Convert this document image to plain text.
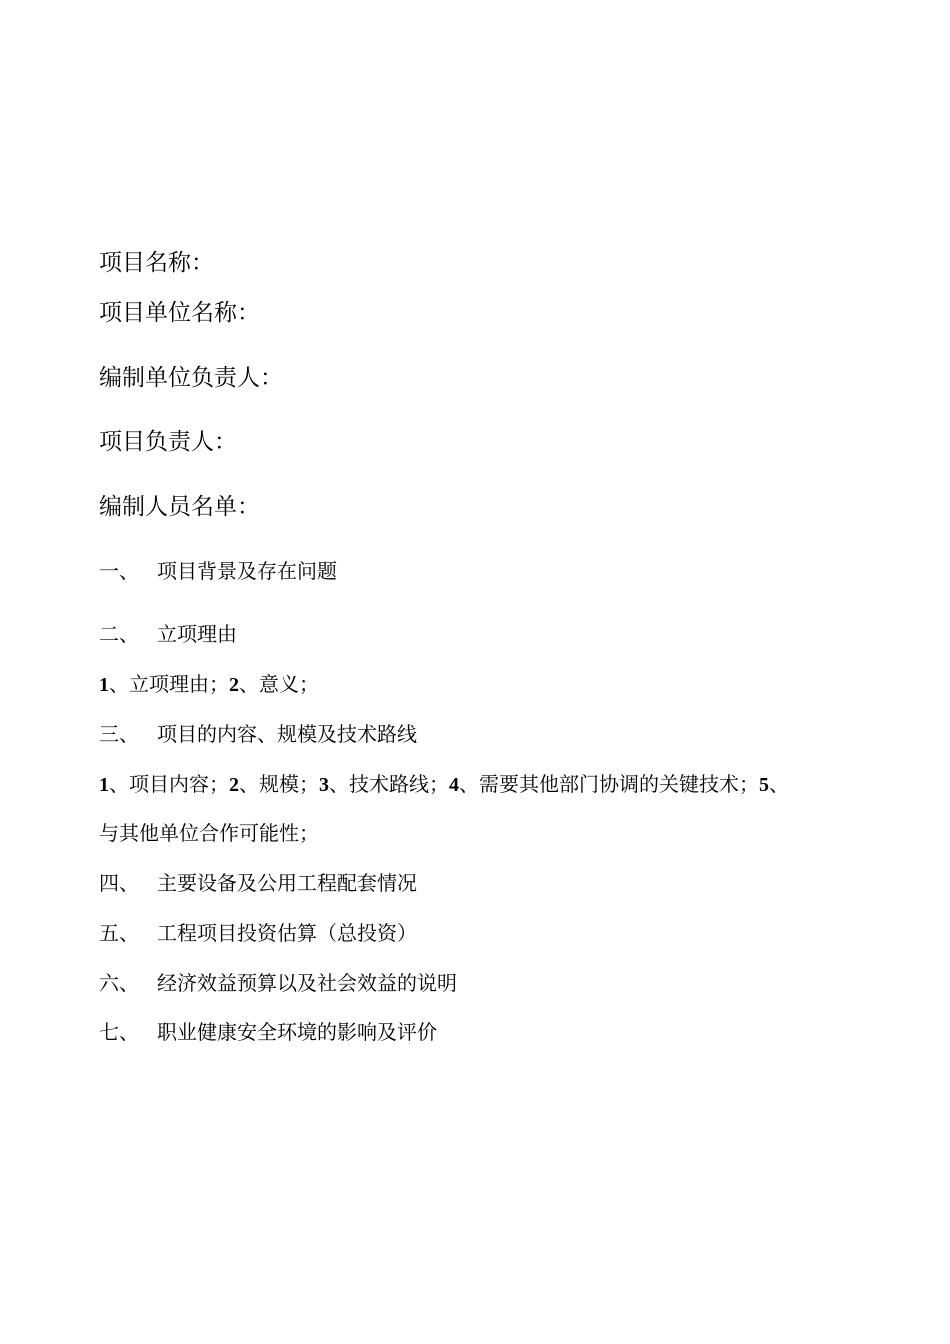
项目名称：
项目单位名称：
编制单位负责人：
项目负责人：
编制人员名单：
一、 项目背景及存在问题
二、 立项理由
1、立项理由；2、意义；
三、 项目的内容、规模及技术路线
1、项目内容；2、规模；3、技术路线；4、需要其他部门协调的关键技术；5、
与其他单位合作可能性；
四、 主要设备及公用工程配套情况
五、 工程项目投资估算（总投资）
六、 经济效益预算以及社会效益的说明
七、 职业健康安全环境的影响及评价
